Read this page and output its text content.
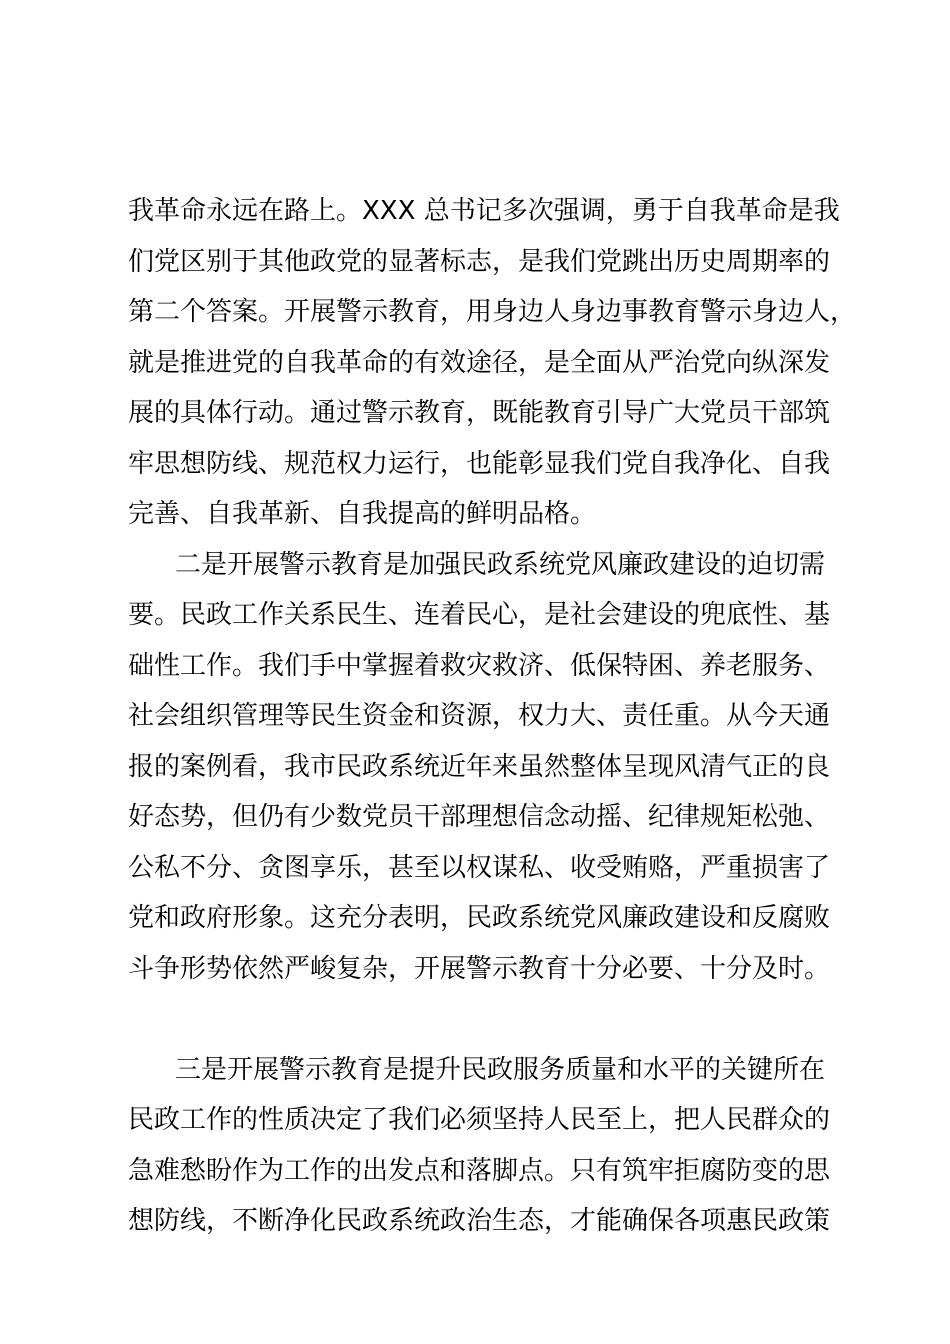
我革命永远在路上。XXX 总书记多次强调，勇于自我革命是我
们党区别于其他政党的显著标志，是我们党跳出历史周期率的
第二个答案。开展警示教育，用身边人身边事教育警示身边人，
就是推进党的自我革命的有效途径，是全面从严治党向纵深发
展的具体行动。通过警示教育，既能教育引导广大党员干部筑
牢思想防线、规范权力运行，也能彰显我们党自我净化、自我
完善、自我革新、自我提高的鲜明品格。

二是开展警示教育是加强民政系统党风廉政建设的迫切需
要。民政工作关系民生、连着民心，是社会建设的兜底性、基
础性工作。我们手中掌握着救灾救济、低保特困、养老服务、
社会组织管理等民生资金和资源，权力大、责任重。从今天通
报的案例看，我市民政系统近年来虽然整体呈现风清气正的良
好态势，但仍有少数党员干部理想信念动摇、纪律规矩松弛、
公私不分、贪图享乐，甚至以权谋私、收受贿赂，严重损害了
党和政府形象。这充分表明，民政系统党风廉政建设和反腐败
斗争形势依然严峻复杂，开展警示教育十分必要、十分及时。

三是开展警示教育是提升民政服务质量和水平的关键所在
民政工作的性质决定了我们必须坚持人民至上，把人民群众的
急难愁盼作为工作的出发点和落脚点。只有筑牢拒腐防变的思
想防线，不断净化民政系统政治生态，才能确保各项惠民政策
